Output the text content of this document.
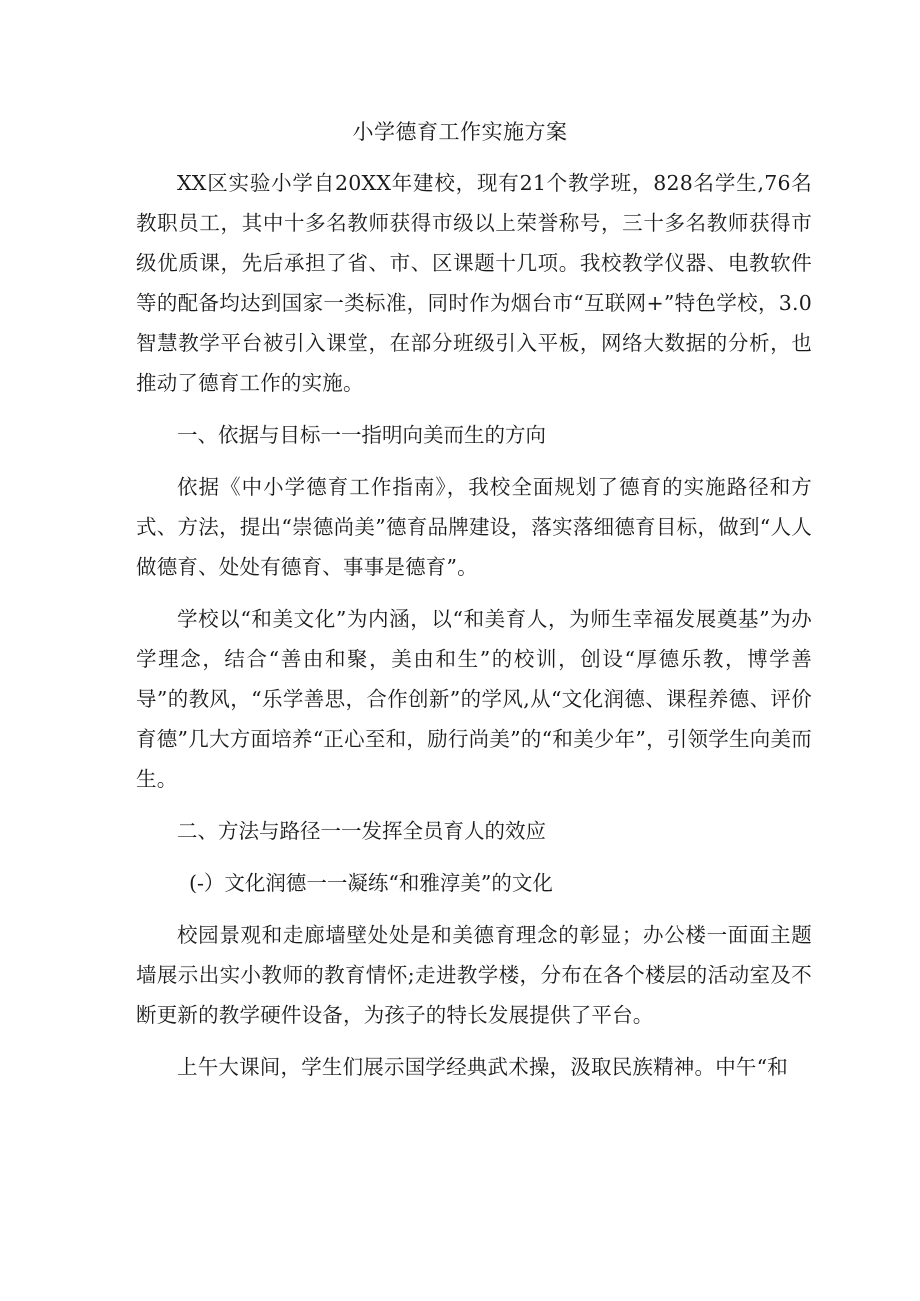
小学德育工作实施方案

XX区实验小学自20XX年建校，现有21个教学班，828名学生,76名教职员工，其中十多名教师获得市级以上荣誉称号，三十多名教师获得市级优质课，先后承担了省、市、区课题十几项。我校教学仪器、电教软件等的配备均达到国家一类标准，同时作为烟台市“互联网+”特色学校，3.0智慧教学平台被引入课堂，在部分班级引入平板，网络大数据的分析，也推动了德育工作的实施。

一、依据与目标一一指明向美而生的方向

依据《中小学德育工作指南》，我校全面规划了德育的实施路径和方式、方法，提出“崇德尚美”德育品牌建设，落实落细德育目标，做到“人人做德育、处处有德育、事事是德育”。

学校以“和美文化”为内涵，以“和美育人，为师生幸福发展奠基”为办学理念，结合“善由和聚，美由和生”的校训，创设“厚德乐教，博学善导”的教风，“乐学善思，合作创新”的学风,从“文化润德、课程养德、评价育德”几大方面培养“正心至和，励行尚美”的“和美少年”，引领学生向美而生。

二、方法与路径一一发挥全员育人的效应

(-）文化润德一一凝练“和雅淳美”的文化

校园景观和走廊墙壁处处是和美德育理念的彰显；办公楼一面面主题墙展示出实小教师的教育情怀;走进教学楼，分布在各个楼层的活动室及不断更新的教学硬件设备，为孩子的特长发展提供了平台。

上午大课间，学生们展示国学经典武术操，汲取民族精神。中午“和
